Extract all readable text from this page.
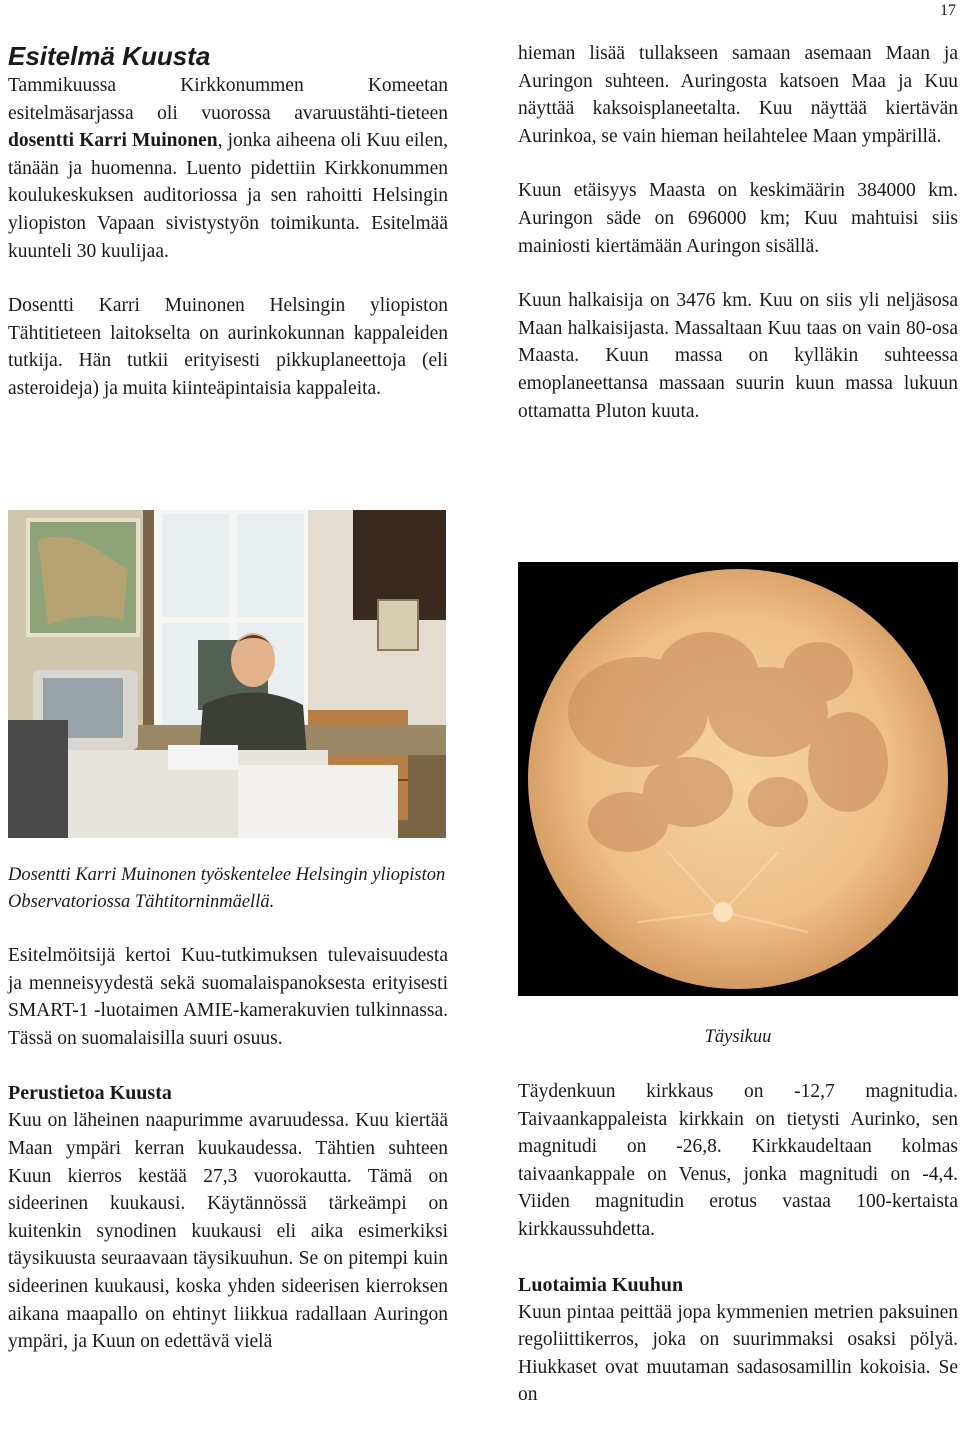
17
Esitelmä Kuusta

Tammikuussa Kirkkonummen Komeetan esitelmäsarjassa oli vuorossa avaruustähti-tieteen dosentti Karri Muinonen, jonka aiheena oli Kuu eilen, tänään ja huomenna. Luento pidettiin Kirkkonummen koulukeskuksen auditoriossa ja sen rahoitti Helsingin yliopiston Vapaan sivistystyön toimikunta. Esitelmää kuunteli 30 kuulijaa.

Dosentti Karri Muinonen Helsingin yliopiston Tähtitieteen laitokselta on aurinkokunnan kappaleiden tutkija. Hän tutkii erityisesti pikkuplaneettoja (eli asteroideja) ja muita kiinteäpintaisia kappaleita.

Dosentti Karri Muinonen työskentelee Helsingin yliopiston Observatoriossa Tähtitorninmäellä.

Esitelmöitsijä kertoi Kuu-tutkimuksen tulevaisuudesta ja menneisyydestä sekä suomalaispanoksesta erityisesti SMART-1 -luotaimen AMIE-kamerakuvien tulkinnassa. Tässä on suomalaisilla suuri osuus.

Perustietoa Kuusta

Kuu on läheinen naapurimme avaruudessa. Kuu kiertää Maan ympäri kerran kuukaudessa. Tähtien suhteen Kuun kierros kestää 27,3 vuorokautta. Tämä on sideerinen kuukausi. Käytännössä tärkeämpi on kuitenkin synodinen kuukausi eli aika esimerkiksi täysikuusta seuraavaan täysikuuhun. Se on pitempi kuin sideerinen kuukausi, koska yhden sideerisen kierroksen aikana maapallo on ehtinyt liikkua radallaan Auringon ympäri, ja Kuun on edettävä vielä

hieman lisää tullakseen samaan asemaan Maan ja Auringon suhteen. Auringosta katsoen Maa ja Kuu näyttää kaksoisplaneetalta. Kuu näyttää kiertävän Aurinkoa, se vain hieman heilahtelee Maan ympärillä.

Kuun etäisyys Maasta on keskimäärin 384000 km. Auringon säde on 696000 km; Kuu mahtuisi siis mainiosti kiertämään Auringon sisällä.

Kuun halkaisija on 3476 km. Kuu on siis yli neljäsosa Maan halkaisijasta. Massaltaan Kuu taas on vain 80-osa Maasta. Kuun massa on kylläkin suhteessa emoplaneettansa massaan suurin kuun massa lukuun ottamatta Pluton kuuta.

Täysikuu

Täydenkuun kirkkaus on -12,7 magnitudia. Taivaankappaleista kirkkain on tietysti Aurinko, sen magnitudi on -26,8. Kirkkaudeltaan kolmas taivaankappale on Venus, jonka magnitudi on -4,4. Viiden magnitudin erotus vastaa 100-kertaista kirkkaussuhdetta.

Luotaimia Kuuhun

Kuun pintaa peittää jopa kymmenien metrien paksuinen regoliittikerros, joka on suurimmaksi osaksi pölyä. Hiukkaset ovat muutaman sadasosamillin kokoisia. Se on
